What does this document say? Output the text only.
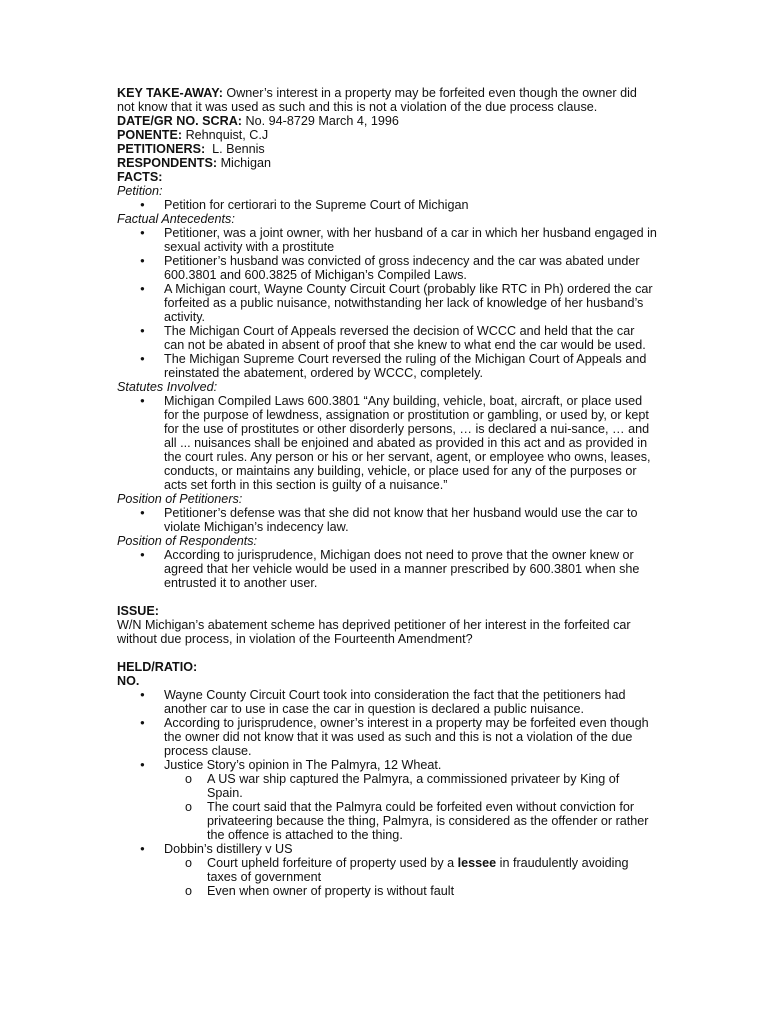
KEY TAKE-AWAY: Owner’s interest in a property may be forfeited even though the owner did not know that it was used as such and this is not a violation of the due process clause.

DATE/GR NO. SCRA: No. 94-8729 March 4, 1996

PONENTE: Rehnquist, C.J

PETITIONERS: L. Bennis

RESPONDENTS: Michigan

FACTS:

Petition:

● Petition for certiorari to the Supreme Court of Michigan

Factual Antecedents:

● Petitioner, was a joint owner, with her husband of a car in which her husband engaged in sexual activity with a prostitute
● Petitioner’s husband was convicted of gross indecency and the car was abated under 600.3801 and 600.3825 of Michigan’s Compiled Laws.
● A Michigan court, Wayne County Circuit Court (probably like RTC in Ph) ordered the car forfeited as a public nuisance, notwithstanding her lack of knowledge of her husband’s activity.
● The Michigan Court of Appeals reversed the decision of WCCC and held that the car can not be abated in absent of proof that she knew to what end the car would be used.
● The Michigan Supreme Court reversed the ruling of the Michigan Court of Appeals and reinstated the abatement, ordered by WCCC, completely.

Statutes Involved:

● Michigan Compiled Laws 600.3801 “Any building, vehicle, boat, aircraft, or place used for the purpose of lewdness, assignation or prostitution or gambling, or used by, or kept for the use of prostitutes or other disorderly persons, … is declared a nui-sance, … and all ... nuisances shall be enjoined and abated as provided in this act and as provided in the court rules. Any person or his or her servant, agent, or employee who owns, leases, conducts, or maintains any building, vehicle, or place used for any of the purposes or acts set forth in this section is guilty of a nuisance.”

Position of Petitioners:

● Petitioner’s defense was that she did not know that her husband would use the car to violate Michigan’s indecency law.

Position of Respondents:

● According to jurisprudence, Michigan does not need to prove that the owner knew or agreed that her vehicle would be used in a manner prescribed by 600.3801 when she entrusted it to another user.

ISSUE:

W/N Michigan’s abatement scheme has deprived petitioner of her interest in the forfeited car without due process, in violation of the Fourteenth Amendment?

HELD/RATIO:

NO.

● Wayne County Circuit Court took into consideration the fact that the petitioners had another car to use in case the car in question is declared a public nuisance.
● According to jurisprudence, owner’s interest in a property may be forfeited even though the owner did not know that it was used as such and this is not a violation of the due process clause.
● Justice Story’s opinion in The Palmyra, 12 Wheat.
o A US war ship captured the Palmyra, a commissioned privateer by King of Spain.
o The court said that the Palmyra could be forfeited even without conviction for privateering because the thing, Palmyra, is considered as the offender or rather the offence is attached to the thing.
● Dobbin’s distillery v US
o Court upheld forfeiture of property used by a lessee in fraudulently avoiding taxes of government
o Even when owner of property is without fault
